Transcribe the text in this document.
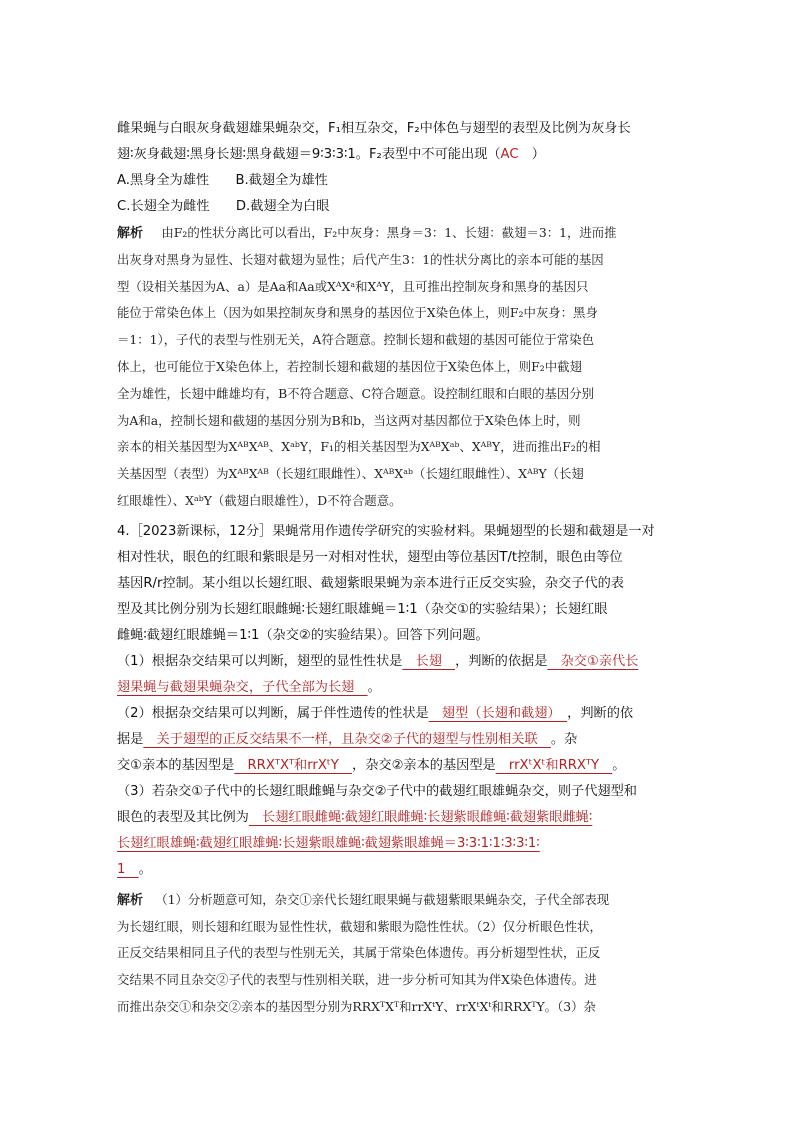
雌果蝇与白眼灰身截翅雄果蝇杂交，F₁相互杂交，F₂中体色与翅型的表型及比例为灰身长
翅∶灰身截翅∶黑身长翅∶黑身截翅＝9∶3∶3∶1。F₂表型中不可能出现（AC　）
A.黑身全为雄性　　B.截翅全为雄性
C.长翅全为雌性　　D.截翅全为白眼
解析　 由F₂的性状分离比可以看出，F₂中灰身：黑身＝3：1、长翅：截翅＝3：1，进而推
出灰身对黑身为显性、长翅对截翅为显性；后代产生3：1的性状分离比的亲本可能的基因
型（设相关基因为A、a）是Aa和Aa或XᴬXᵃ和XᴬY，且可推出控制灰身和黑身的基因只
能位于常染色体上（因为如果控制灰身和黑身的基因位于X染色体上，则F₂中灰身：黑身
＝1：1），子代的表型与性别无关，A符合题意。控制长翅和截翅的基因可能位于常染色
体上，也可能位于X染色体上，若控制长翅和截翅的基因位于X染色体上，则F₂中截翅
全为雄性，长翅中雌雄均有，B不符合题意、C符合题意。设控制红眼和白眼的基因分别
为A和a，控制长翅和截翅的基因分别为B和b，当这两对基因都位于X染色体上时，则
亲本的相关基因型为XᴬᴮXᴬᴮ、XᵃᵇY，F₁的相关基因型为XᴬᴮXᵃᵇ、XᴬᴮY，进而推出F₂的相
关基因型（表型）为XᴬᴮXᴬᴮ（长翅红眼雌性）、XᴬᴮXᵃᵇ（长翅红眼雌性）、XᴬᴮY（长翅
红眼雄性）、XᵃᵇY（截翅白眼雄性），D不符合题意。
4.［2023新课标，12分］果蝇常用作遗传学研究的实验材料。果蝇翅型的长翅和截翅是一对
相对性状，眼色的红眼和紫眼是另一对相对性状，翅型由等位基因T/t控制，眼色由等位
基因R/r控制。某小组以长翅红眼、截翅紫眼果蝇为亲本进行正反交实验，杂交子代的表
型及其比例分别为长翅红眼雌蝇∶长翅红眼雄蝇＝1∶1（杂交①的实验结果）；长翅红眼
雌蝇∶截翅红眼雄蝇＝1∶1（杂交②的实验结果）。回答下列问题。
（1）根据杂交结果可以判断，翅型的显性性状是　长翅　，判断的依据是　杂交①亲代长
翅果蝇与截翅果蝇杂交，子代全部为长翅　。
（2）根据杂交结果可以判断，属于伴性遗传的性状是　翅型（长翅和截翅）　，判断的依
据是　关于翅型的正反交结果不一样，且杂交②子代的翅型与性别相关联　。杂
交①亲本的基因型是　RRXᵀXᵀ和rrXᵗY　，杂交②亲本的基因型是　rrXᵗXᵗ和RRXᵀY　。
（3）若杂交①子代中的长翅红眼雌蝇与杂交②子代中的截翅红眼雄蝇杂交，则子代翅型和
眼色的表型及其比例为　长翅红眼雌蝇∶截翅红眼雌蝇∶长翅紫眼雌蝇∶截翅紫眼雌蝇∶
长翅红眼雄蝇∶截翅红眼雄蝇∶长翅紫眼雄蝇∶截翅紫眼雄蝇＝3∶3∶1∶1∶3∶3∶1∶
1　。
解析　 （1）分析题意可知，杂交①亲代长翅红眼果蝇与截翅紫眼果蝇杂交，子代全部表现
为长翅红眼，则长翅和红眼为显性性状，截翅和紫眼为隐性性状。（2）仅分析眼色性状，
正反交结果相同且子代的表型与性别无关，其属于常染色体遗传。再分析翅型性状，正反
交结果不同且杂交②子代的表型与性别相关联，进一步分析可知其为伴X染色体遗传。进
而推出杂交①和杂交②亲本的基因型分别为RRXᵀXᵀ和rrXᵗY、rrXᵗXᵗ和RRXᵀY。（3）杂
